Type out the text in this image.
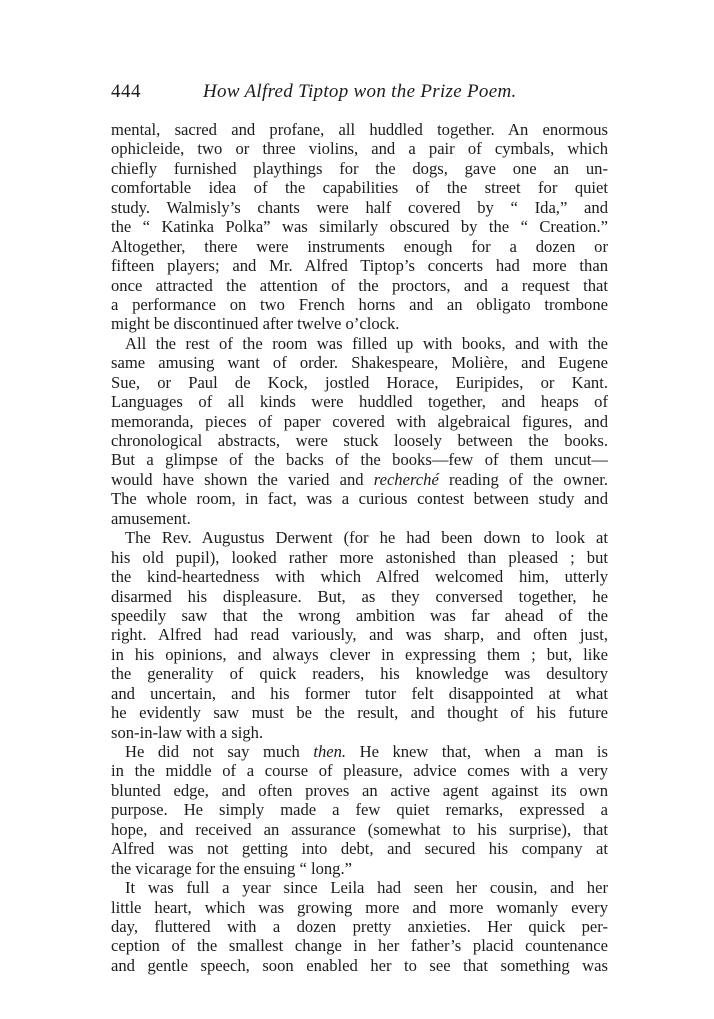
444	How Alfred Tiptop won the Prize Poem.
mental, sacred and profane, all huddled together. An enormous
ophicleide, two or three violins, and a pair of cymbals, which
chiefly furnished playthings for the dogs, gave one an un-
comfortable idea of the capabilities of the street for quiet
study. Walmisly’s chants were half covered by “ Ida,” and
the “ Katinka Polka” was similarly obscured by the “ Creation.”
Altogether, there were instruments enough for a dozen or
fifteen players; and Mr. Alfred Tiptop’s concerts had more than
once attracted the attention of the proctors, and a request that
a performance on two French horns and an obligato trombone
might be discontinued after twelve o’clock.
All the rest of the room was filled up with books, and with the
same amusing want of order. Shakespeare, Molière, and Eugene
Sue, or Paul de Kock, jostled Horace, Euripides, or Kant.
Languages of all kinds were huddled together, and heaps of
memoranda, pieces of paper covered with algebraical figures, and
chronological abstracts, were stuck loosely between the books.
But a glimpse of the backs of the books—few of them uncut—
would have shown the varied and recherché reading of the owner.
The whole room, in fact, was a curious contest between study and
amusement.
The Rev. Augustus Derwent (for he had been down to look at
his old pupil), looked rather more astonished than pleased ; but
the kind-heartedness with which Alfred welcomed him, utterly
disarmed his displeasure. But, as they conversed together, he
speedily saw that the wrong ambition was far ahead of the
right. Alfred had read variously, and was sharp, and often just,
in his opinions, and always clever in expressing them ; but, like
the generality of quick readers, his knowledge was desultory
and uncertain, and his former tutor felt disappointed at what
he evidently saw must be the result, and thought of his future
son-in-law with a sigh.
He did not say much then. He knew that, when a man is
in the middle of a course of pleasure, advice comes with a very
blunted edge, and often proves an active agent against its own
purpose. He simply made a few quiet remarks, expressed a
hope, and received an assurance (somewhat to his surprise), that
Alfred was not getting into debt, and secured his company at
the vicarage for the ensuing “ long.”
It was full a year since Leila had seen her cousin, and her
little heart, which was growing more and more womanly every
day, fluttered with a dozen pretty anxieties. Her quick per-
ception of the smallest change in her father’s placid countenance
and gentle speech, soon enabled her to see that something was
